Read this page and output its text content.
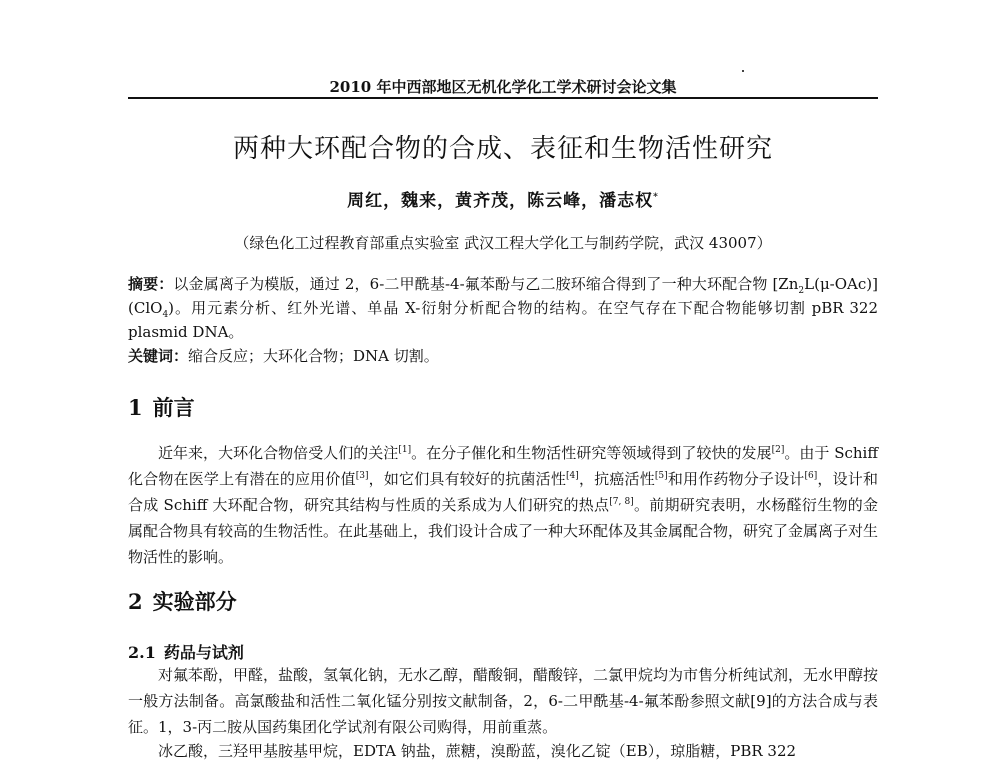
2010 年中西部地区无机化学化工学术研讨会论文集
两种大环配合物的合成、表征和生物活性研究
周红，魏来，黄齐茂，陈云峰，潘志权*
（绿色化工过程教育部重点实验室 武汉工程大学化工与制药学院，武汉 43007）
摘要：以金属离子为模版，通过 2，6-二甲酰基-4-氟苯酚与乙二胺环缩合得到了一种大环配合物 $[Zn_2L(\mu-OAc)](ClO_4)$。用元素分析、红外光谱、单晶 X-衍射分析配合物的结构。在空气存在下配合物能够切割 pBR 322 plasmid DNA。
关键词：缩合反应；大环化合物；DNA 切割。
1 前言
近年来，大环化合物倍受人们的关注[1]。在分子催化和生物活性研究等领域得到了较快的发展[2]。由于 Schiff 化合物在医学上有潜在的应用价值[3]，如它们具有较好的抗菌活性[4]，抗癌活性[5]和用作药物分子设计[6]，设计和合成 Schiff 大环配合物，研究其结构与性质的关系成为人们研究的热点[7, 8]。前期研究表明，水杨醛衍生物的金属配合物具有较高的生物活性。在此基础上，我们设计合成了一种大环配体及其金属配合物，研究了金属离子对生物活性的影响。
2 实验部分
2.1 药品与试剂
对氟苯酚，甲醛，盐酸，氢氧化钠，无水乙醇，醋酸铜，醋酸锌，二氯甲烷均为市售分析纯试剂，无水甲醇按一般方法制备。高氯酸盐和活性二氧化锰分别按文献制备，2，6-二甲酰基-4-氟苯酚参照文献[9]的方法合成与表征。1，3-丙二胺从国药集团化学试剂有限公司购得，用前重蒸。
冰乙酸，三羟甲基胺基甲烷，EDTA 钠盐，蔗糖，溴酚蓝，溴化乙锭（EB），琼脂糖，PBR 322
